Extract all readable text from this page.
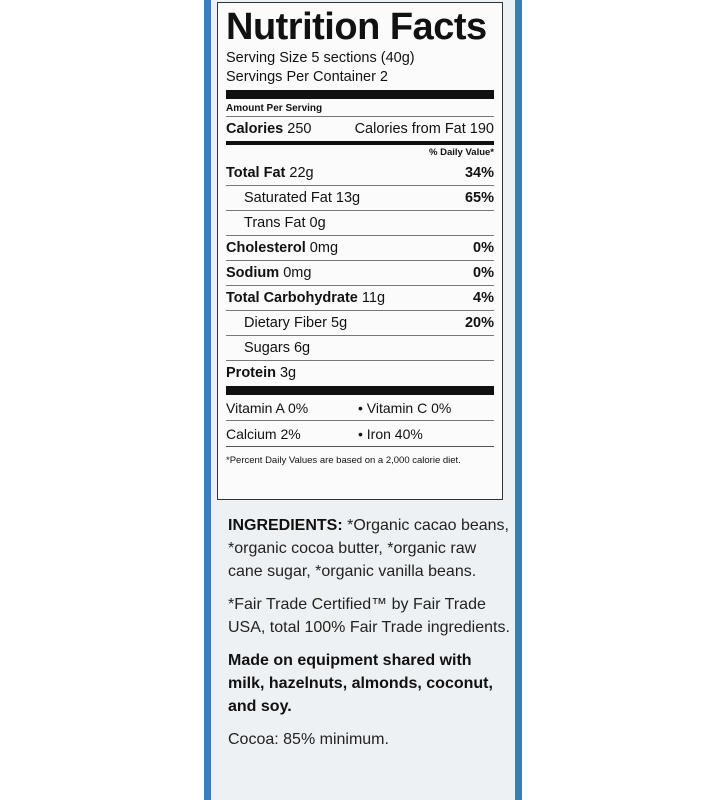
Nutrition Facts
Serving Size 5 sections (40g)
Servings Per Container 2
Amount Per Serving
Calories 250	Calories from Fat 190
% Daily Value*
Total Fat 22g	34%
Saturated Fat 13g	65%
Trans Fat 0g
Cholesterol 0mg	0%
Sodium 0mg	0%
Total Carbohydrate 11g	4%
Dietary Fiber 5g	20%
Sugars 6g
Protein 3g
Vitamin A 0%	• Vitamin C 0%
Calcium 2%	• Iron 40%
*Percent Daily Values are based on a 2,000 calorie diet.

INGREDIENTS: *Organic cacao beans, *organic cocoa butter, *organic raw cane sugar, *organic vanilla beans.

*Fair Trade Certified™ by Fair Trade USA, total 100% Fair Trade ingredients.

Made on equipment shared with milk, hazelnuts, almonds, coconut, and soy.

Cocoa: 85% minimum.
